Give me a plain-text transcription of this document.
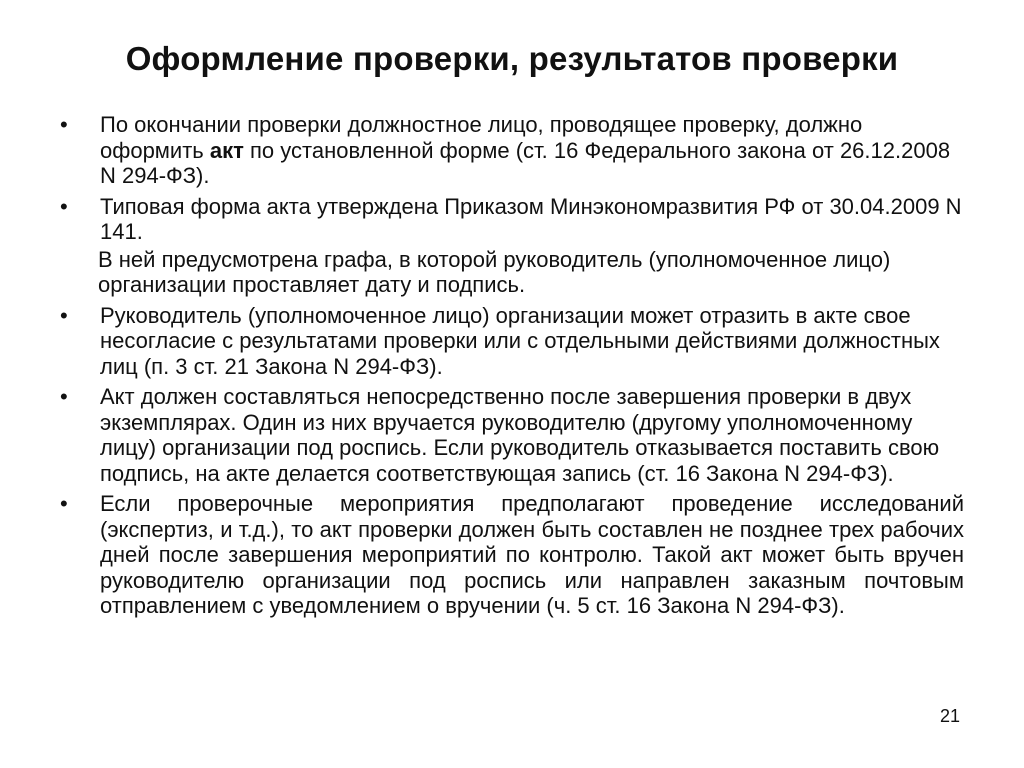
Оформление проверки, результатов проверки
• По окончании проверки должностное лицо, проводящее проверку, должно оформить акт по установленной форме (ст. 16 Федерального закона от 26.12.2008 N 294-ФЗ).
• Типовая форма акта утверждена Приказом Минэкономразвития РФ от 30.04.2009 N 141.
В ней предусмотрена графа, в которой руководитель (уполномоченное лицо) организации проставляет дату и подпись.
• Руководитель (уполномоченное лицо) организации может отразить в акте свое несогласие с результатами проверки или с отдельными действиями должностных лиц (п. 3 ст. 21 Закона N 294-ФЗ).
• Акт должен составляться непосредственно после завершения проверки в двух экземплярах. Один из них вручается руководителю (другому уполномоченному лицу) организации под роспись. Если руководитель отказывается поставить свою подпись, на акте делается соответствующая запись (ст. 16 Закона N 294-ФЗ).
• Если проверочные мероприятия предполагают проведение исследований (экспертиз, и т.д.), то акт проверки должен быть составлен не позднее трех рабочих дней после завершения мероприятий по контролю. Такой акт может быть вручен руководителю организации под роспись или направлен заказным почтовым отправлением с уведомлением о вручении (ч. 5 ст. 16 Закона N 294-ФЗ).
21
